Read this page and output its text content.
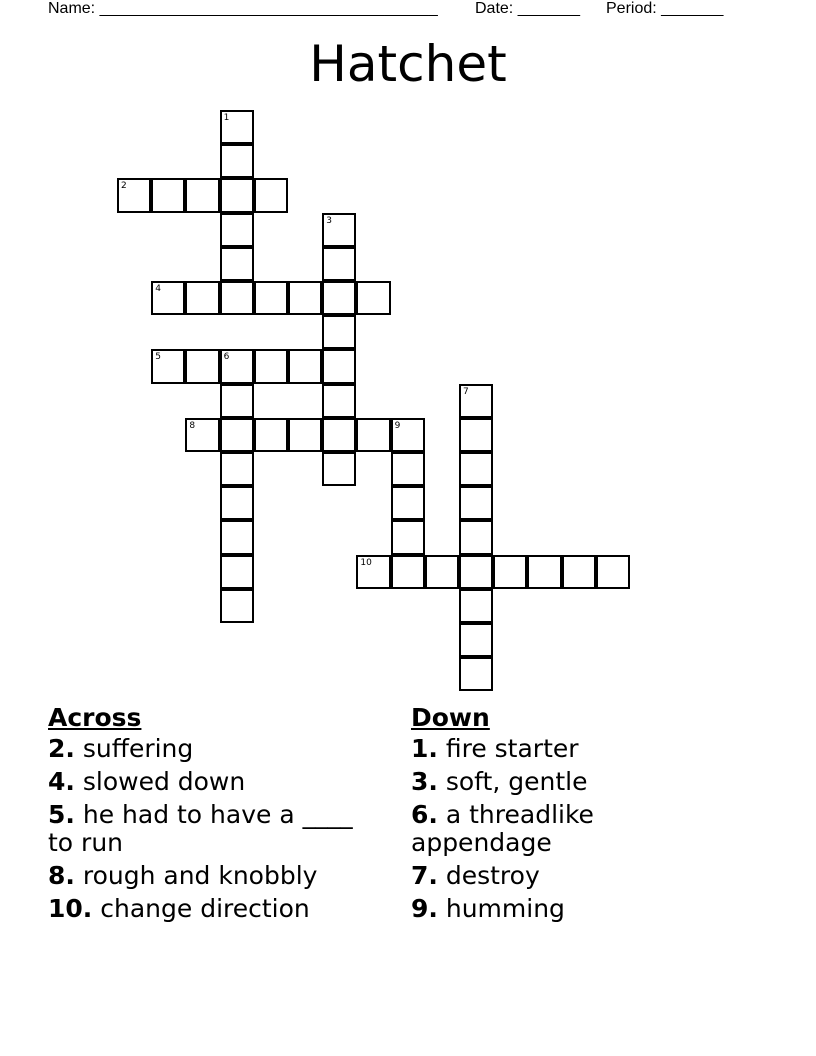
Name: ______________________________________ Date: _______ Period: _______
Hatchet
1
2
3
4
5	6
7
8	9
10
Across
2. suffering
4. slowed down
5. he had to have a ____ to run
8. rough and knobbly
10. change direction
Down
1. fire starter
3. soft, gentle
6. a threadlike appendage
7. destroy
9. humming
